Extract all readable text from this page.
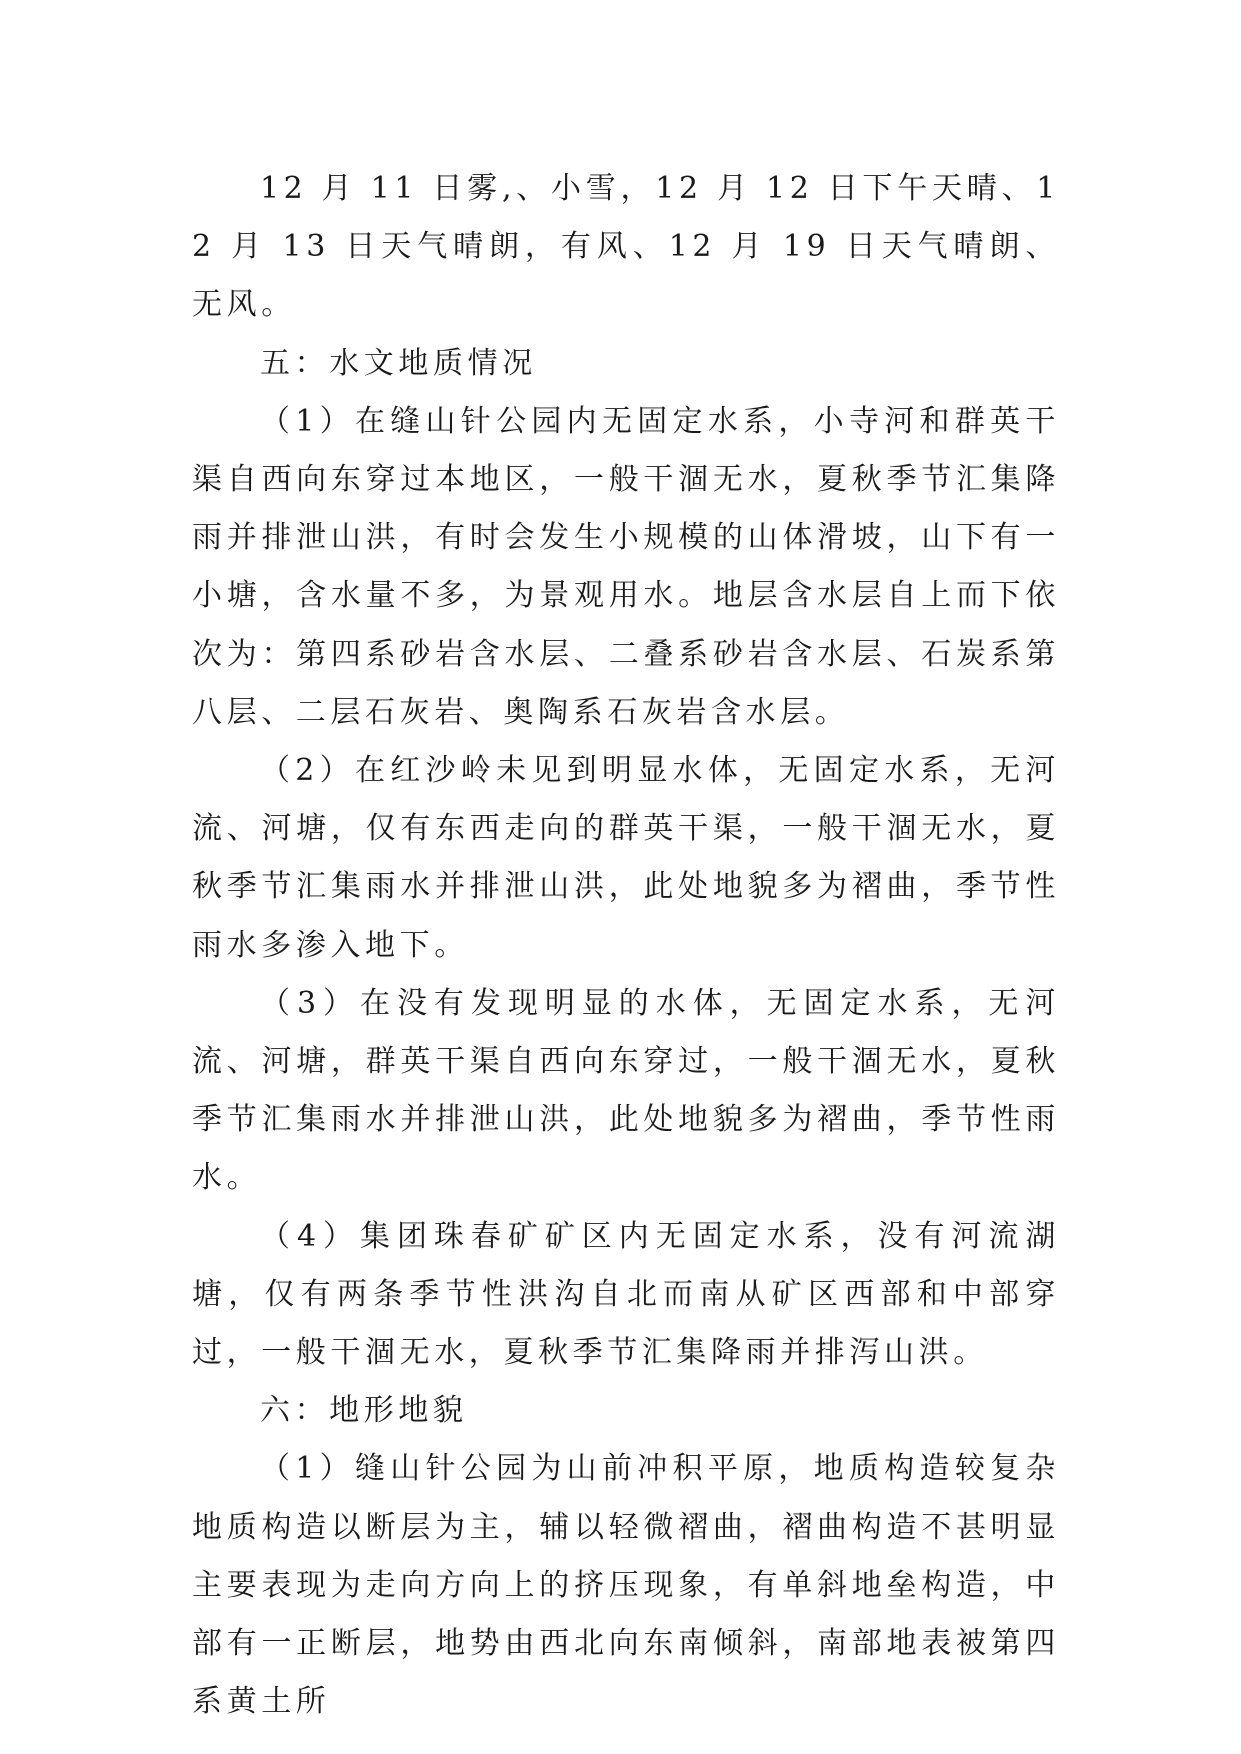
12 月 11 日雾,、小雪，12 月 12 日下午天晴、12 月 13 日天气晴朗，有风、12 月 19 日天气晴朗、无风。

五：水文地质情况

（1）在缝山针公园内无固定水系，小寺河和群英干渠自西向东穿过本地区，一般干涸无水，夏秋季节汇集降雨并排泄山洪，有时会发生小规模的山体滑坡，山下有一小塘，含水量不多，为景观用水。地层含水层自上而下依次为：第四系砂岩含水层、二叠系砂岩含水层、石炭系第八层、二层石灰岩、奥陶系石灰岩含水层。

（2）在红沙岭未见到明显水体，无固定水系，无河流、河塘，仅有东西走向的群英干渠，一般干涸无水，夏秋季节汇集雨水并排泄山洪，此处地貌多为褶曲，季节性雨水多渗入地下。

（3）在没有发现明显的水体，无固定水系，无河流、河塘，群英干渠自西向东穿过，一般干涸无水，夏秋季节汇集雨水并排泄山洪，此处地貌多为褶曲，季节性雨水。

（4）集团珠春矿矿区内无固定水系，没有河流湖塘，仅有两条季节性洪沟自北而南从矿区西部和中部穿过，一般干涸无水，夏秋季节汇集降雨并排泻山洪。

六：地形地貌

（1）缝山针公园为山前冲积平原，地质构造较复杂地质构造以断层为主，辅以轻微褶曲，褶曲构造不甚明显主要表现为走向方向上的挤压现象，有单斜地垒构造，中部有一正断层，地势由西北向东南倾斜，南部地表被第四系黄土所
